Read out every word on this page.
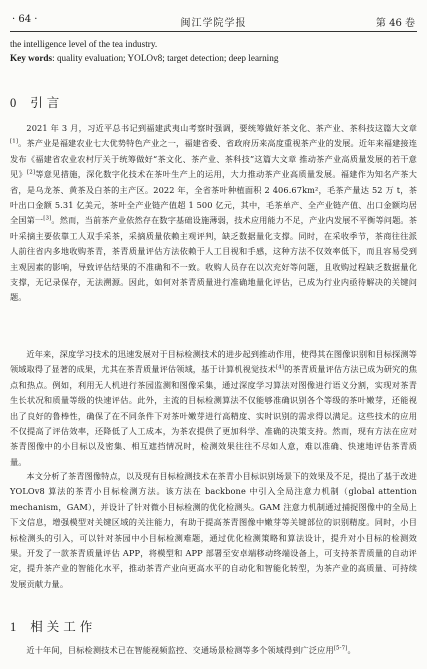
· 64 ·	闽江学院学报	第 46 卷
the intelligence level of the tea industry.
Key words: quality evaluation; YOLOv8; target detection; deep learning
0 引言

2021 年 3 月，习近平总书记到福建武夷山考察时强调，要统筹做好茶文化、茶产业、茶科技这篇大文章[1]。茶产业是福建农业七大优势特色产业之一，福建省委、省政府历来高度重视茶产业的发展。近年来福建接连发布《福建省农业农村厅关于统筹做好“茶文化、茶产业、茶科技”这篇大文章 推动茶产业高质量发展的若干意见》[2]等意见措施，深化数字化技术在茶叶生产上的运用，大力推动茶产业高质量发展。福建作为知名产茶大省，是乌龙茶、黄茶及白茶的主产区。2022 年，全省茶叶种植面积 2 406.67km²，毛茶产量达 52 万 t，茶叶出口金额 5.31 亿美元，茶叶全产业链产值超 1 500 亿元，其中，毛茶单产、全产业链产值、出口金额均居全国第一[3]。然而，当前茶产业依然存在数字基础设施薄弱，技术应用能力不足，产业内发展不平衡等问题。茶叶采摘主要依靠工人双手采茶，采摘质量依赖主观评判，缺乏数据量化支撑。同时，在采收季节，茶商往往派人前往省内多地收购茶青，茶青质量评估方法依赖于人工目视和手感，这种方法不仅效率低下，而且容易受到主观因素的影响，导致评估结果的不准确和不一致。收购人员存在以次充好等问题，且收购过程缺乏数据量化支撑，无记录保存，无法溯源。因此，如何对茶青质量进行准确地量化评估，已成为行业内亟待解决的关键问题。

近年来，深度学习技术的迅速发展对于目标检测技术的进步起到推动作用，使得其在图像识别和目标探测等领域取得了显著的成果，尤其在茶青质量评估领域，基于计算机视觉技术[4]的茶青质量评估方法已成为研究的焦点和热点。例如，利用无人机进行茶园监测和图像采集，通过深度学习算法对图像进行语义分割，实现对茶青生长状况和质量等级的快速评估。此外，主流的目标检测算法不仅能够准确识别各个等级的茶叶嫩芽，还能视出了良好的鲁棒性，确保了在不同条件下对茶叶嫩芽进行高精度、实时识别的需求得以满足。这些技术的应用不仅提高了评估效率，还降低了人工成本，为茶农提供了更加科学、准确的决策支持。然而，现有方法在应对茶青图像中的小目标以及密集、相互遮挡情况时，检测效果往往不尽如人意，难以准确、快速地评估茶青质量。

本文分析了茶青图像特点，以及现有目标检测技术在茶青小目标识别场景下的效果及不足，提出了基于改进 YOLOv8 算法的茶青小目标检测方法。该方法在 backbone 中引入全局注意力机制（global attention mechanism，GAM），并设计了针对微小目标检测的优化检测头。GAM 注意力机制通过捕捉图像中的全局上下文信息，增强模型对关键区域的关注能力，有助于提高茶青图像中嫩芽等关键部位的识别精度。同时，小目标检测头的引入，可以针对茶园中小目标检测难题，通过优化检测策略和算法设计，提升对小目标的检测效果。开发了一款茶青质量评估 APP，将模型和 APP 部署至安卓端移动终端设备上，可支持茶青质量的自动评定，提升茶产业的智能化水平，推动茶青产业向更高水平的自动化和智能化转型，为茶产业的高质量、可持续发展贡献力量。

1 相关工作

近十年间，目标检测技术已在智能视频监控、交通场景检测等多个领域得到广泛应用[5-7]。
